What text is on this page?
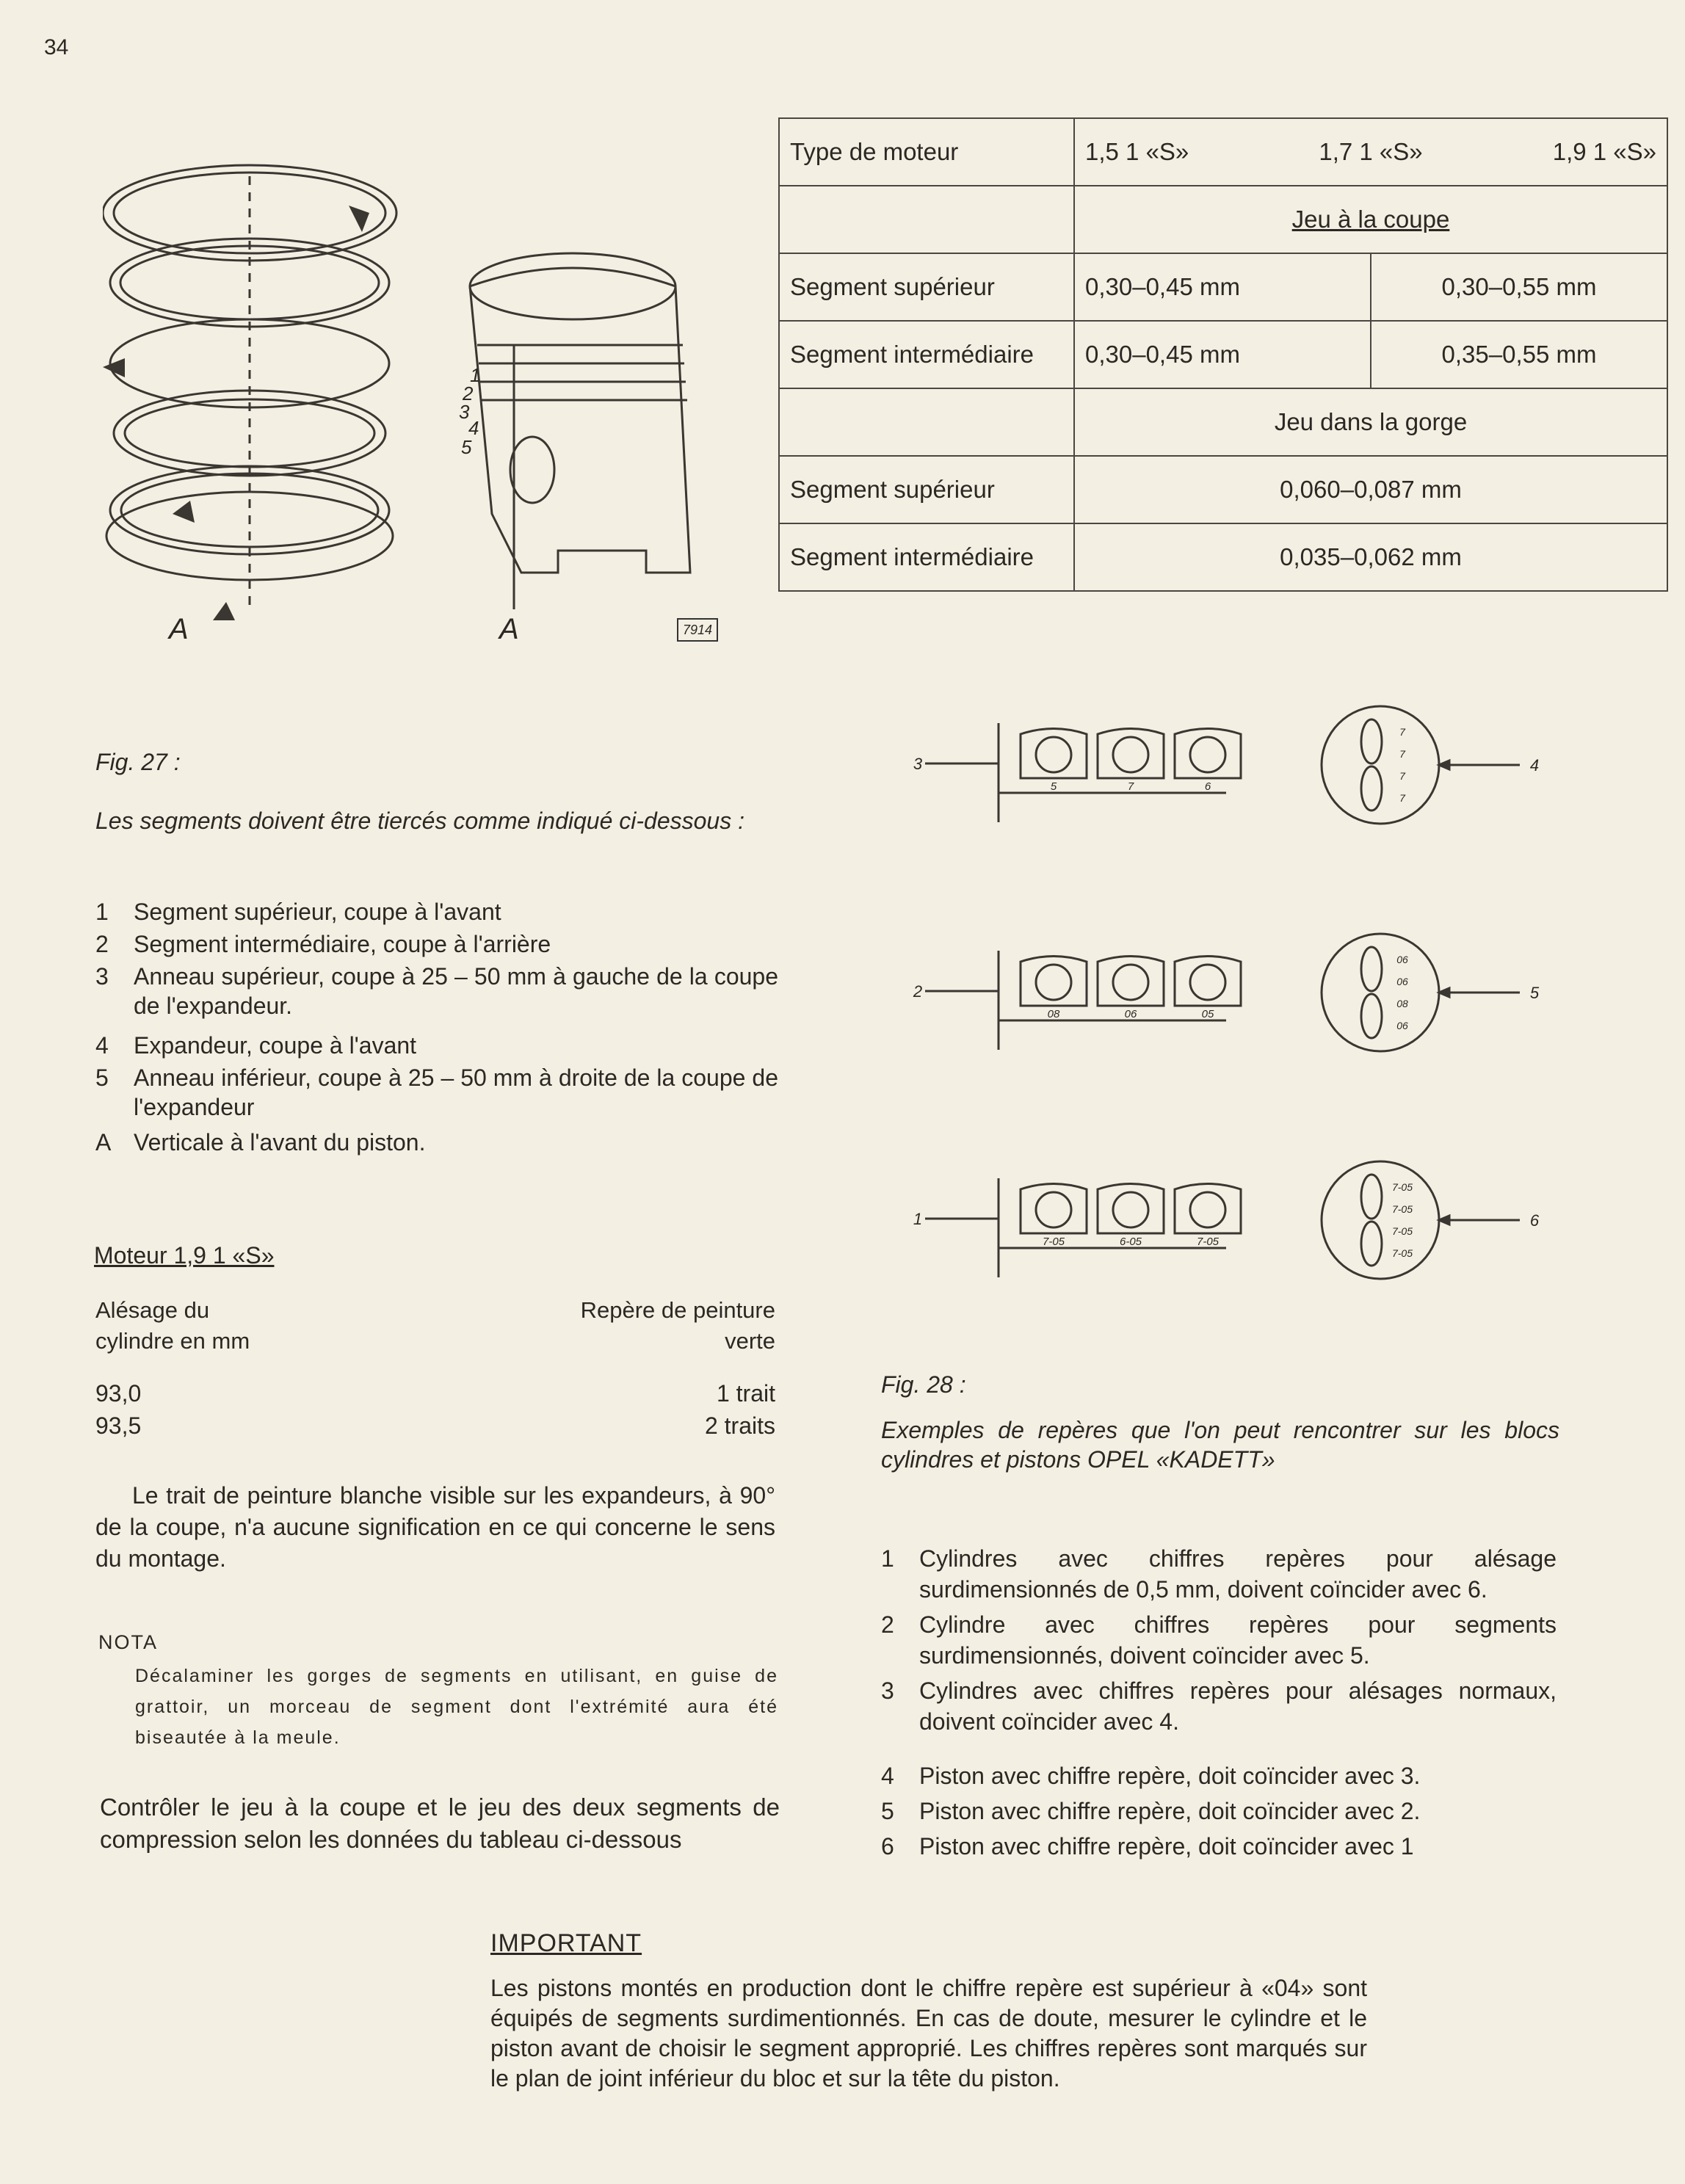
34
Type de moteur	1,5 1 «S» 1,7 1 «S» 1,9 1 «S»	

	Jeu à la coupe	
Segment supérieur	0,30–0,45 mm	0,30–0,55 mm
Segment intermédiaire	0,30–0,45 mm	0,35–0,55 mm
	Jeu dans la gorge	
Segment supérieur	0,060–0,087 mm	
Segment intermédiaire	0,035–0,062 mm	
1
2
3
4
5
A	A	7914
Fig. 27 :
Les segments doivent être tiercés comme indiqué ci-dessous :
1 Segment supérieur, coupe à l'avant
2 Segment intermédiaire, coupe à l'arrière
3 Anneau supérieur, coupe à 25 – 50 mm à gauche de la coupe de l'expandeur.
4 Expandeur, coupe à l'avant
5 Anneau inférieur, coupe à 25 – 50 mm à droite de la coupe de l'expandeur
A Verticale à l'avant du piston.
Moteur 1,9 1 «S»
Alésage du cylindre en mm
Repère de peinture verte
93,0	1 trait
93,5	2 traits
Le trait de peinture blanche visible sur les expandeurs, à 90° de la coupe, n'a aucune signification en ce qui concerne le sens du montage.
NOTA
Décalaminer les gorges de segments en utilisant, en guise de grattoir, un morceau de segment dont l'extrémité aura été biseautée à la meule.
Contrôler le jeu à la coupe et le jeu des deux segments de compression selon les données du tableau ci-dessous
3
5	7	6
7
7
7
7
4
2
08	06	05
06
06
08
06
5
1
7-05	6-05	7-05
7-05
7-05
7-05
7-05
6
Fig. 28 :
Exemples de repères que l'on peut rencontrer sur les blocs cylindres et pistons OPEL «KADETT»
1 Cylindres avec chiffres repères pour alésage surdimensionnés de 0,5 mm, doivent coïncider avec 6.
2 Cylindre avec chiffres repères pour segments surdimensionnés, doivent coïncider avec 5.
3 Cylindres avec chiffres repères pour alésages normaux, doivent coïncider avec 4.
4 Piston avec chiffre repère, doit coïncider avec 3.
5 Piston avec chiffre repère, doit coïncider avec 2.
6 Piston avec chiffre repère, doit coïncider avec 1
IMPORTANT
Les pistons montés en production dont le chiffre repère est supérieur à «04» sont équipés de segments surdimentionnés. En cas de doute, mesurer le cylindre et le piston avant de choisir le segment approprié. Les chiffres repères sont marqués sur le plan de joint inférieur du bloc et sur la tête du piston.
